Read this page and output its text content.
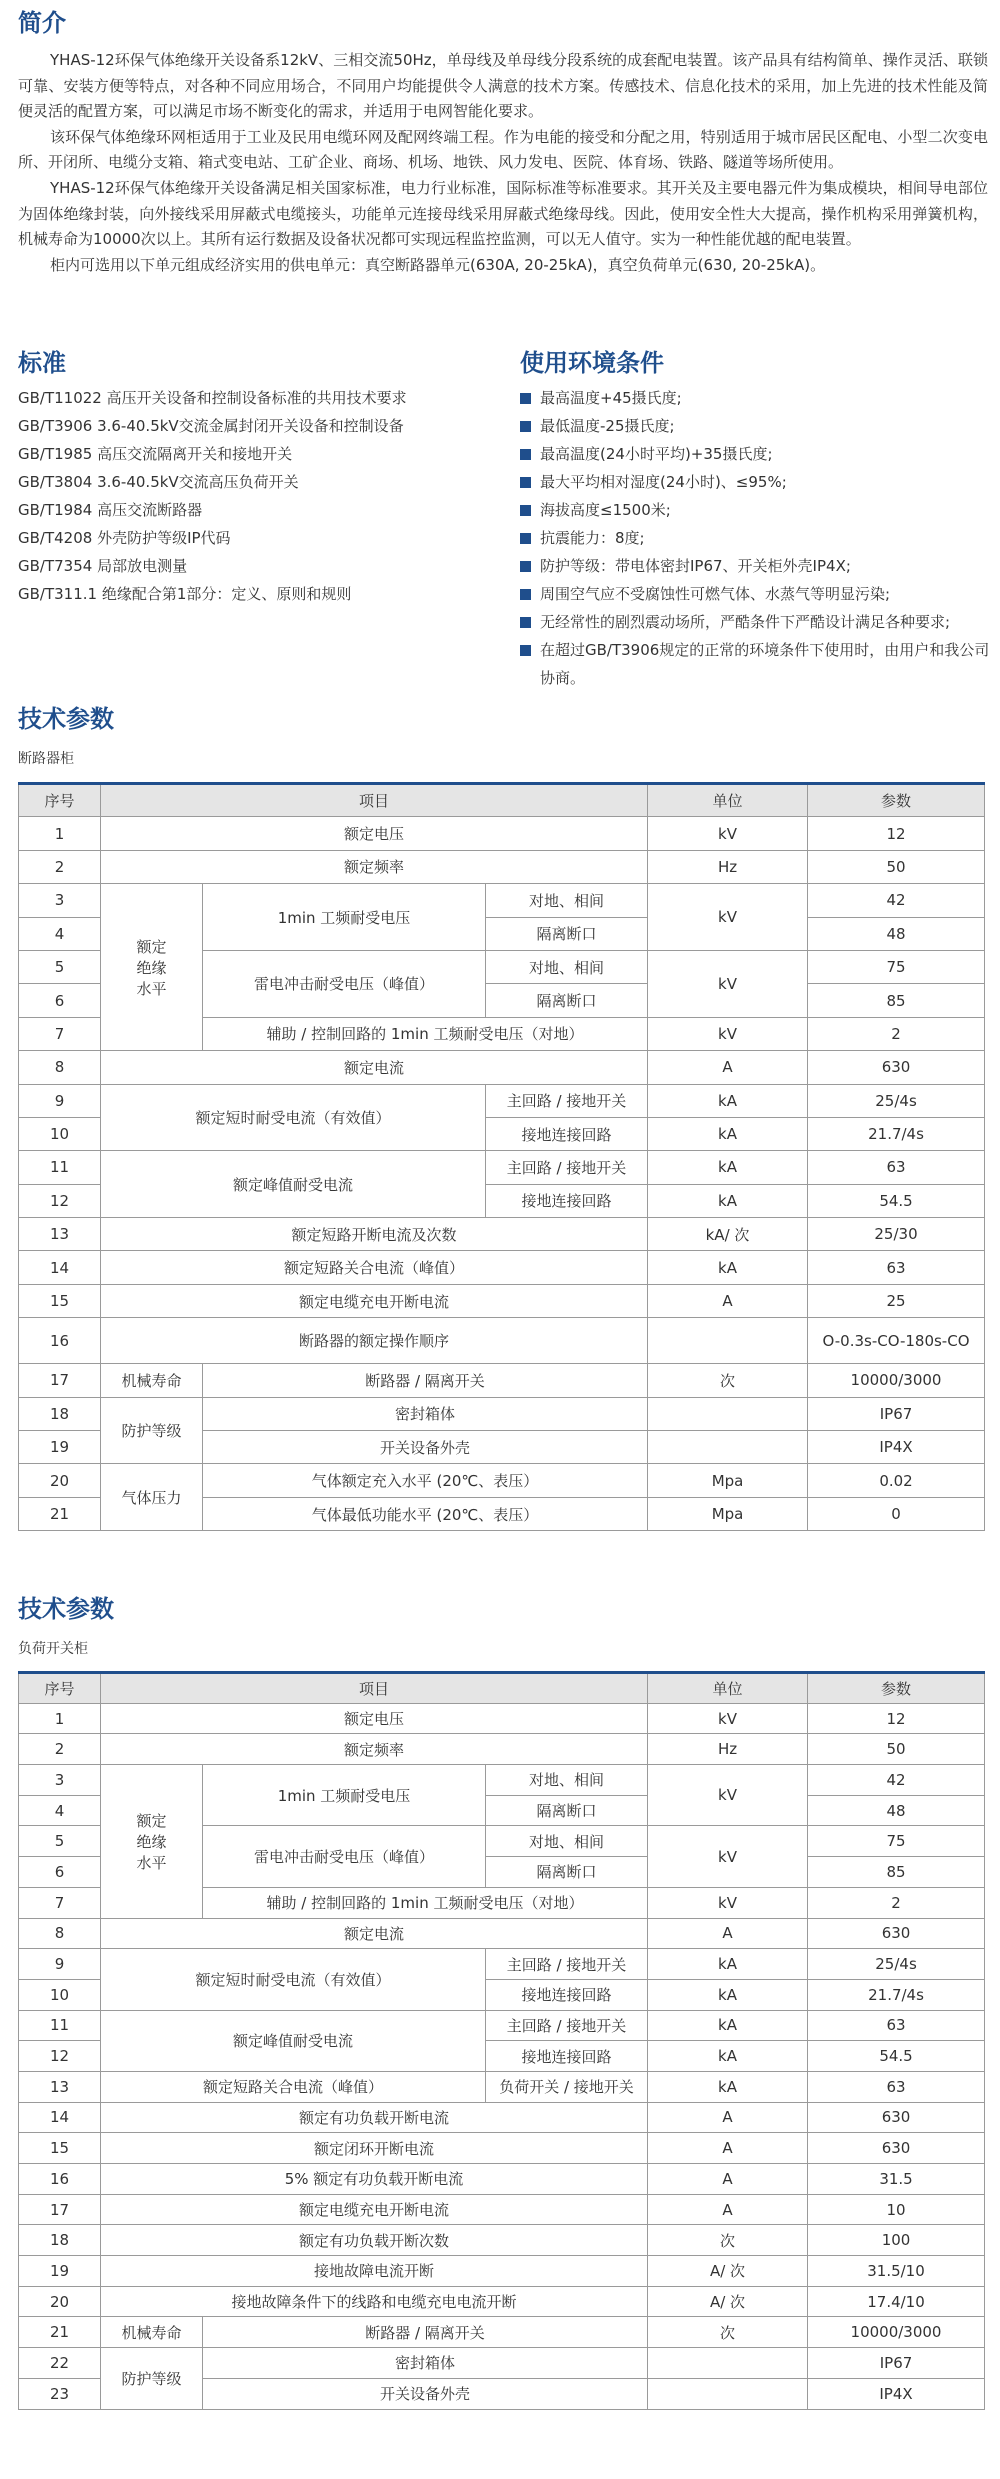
简介

YHAS-12环保气体绝缘开关设备系12kV、三相交流50Hz，单母线及单母线分段系统的成套配电装置。该产品具有结构简单、操作灵活、联锁可靠、安装方便等特点，对各种不同应用场合，不同用户均能提供令人满意的技术方案。传感技术、信息化技术的采用，加上先进的技术性能及简便灵活的配置方案，可以满足市场不断变化的需求，并适用于电网智能化要求。

该环保气体绝缘环网柜适用于工业及民用电缆环网及配网终端工程。作为电能的接受和分配之用，特别适用于城市居民区配电、小型二次变电所、开闭所、电缆分支箱、箱式变电站、工矿企业、商场、机场、地铁、风力发电、医院、体育场、铁路、隧道等场所使用。

YHAS-12环保气体绝缘开关设备满足相关国家标准，电力行业标准，国际标准等标准要求。其开关及主要电器元件为集成模块，相间导电部位为固体绝缘封装，向外接线采用屏蔽式电缆接头，功能单元连接母线采用屏蔽式绝缘母线。因此，使用安全性大大提高，操作机构采用弹簧机构，机械寿命为10000次以上。其所有运行数据及设备状况都可实现远程监控监测，可以无人值守。实为一种性能优越的配电装置。

柜内可选用以下单元组成经济实用的供电单元：真空断路器单元(630A, 20-25kA)，真空负荷单元(630, 20-25kA)。

标准
GB/T11022 高压开关设备和控制设备标准的共用技术要求
GB/T3906 3.6-40.5kV交流金属封闭开关设备和控制设备
GB/T1985 高压交流隔离开关和接地开关
GB/T3804 3.6-40.5kV交流高压负荷开关
GB/T1984 高压交流断路器
GB/T4208 外壳防护等级IP代码
GB/T7354 局部放电测量
GB/T311.1 绝缘配合第1部分：定义、原则和规则
使用环境条件
最高温度+45摄氏度;
最低温度-25摄氏度;
最高温度(24小时平均)+35摄氏度;
最大平均相对湿度(24小时)、≤95%;
海拔高度≤1500米;
抗震能力：8度;
防护等级：带电体密封IP67、开关柜外壳IP4X;
周围空气应不受腐蚀性可燃气体、水蒸气等明显污染;
无经常性的剧烈震动场所，严酷条件下严酷设计满足各种要求;
在超过GB/T3906规定的正常的环境条件下使用时，由用户和我公司协商。
技术参数
断路器柜
序号	项目			单位	参数
1	额定电压			kV	12
2	额定频率			Hz	50
3	额定
绝缘
水平	1min 工频耐受电压	对地、相间	kV	42
4			隔离断口		48
5		雷电冲击耐受电压（峰值）	对地、相间	kV	75
6			隔离断口		85
7		辅助 / 控制回路的 1min 工频耐受电压（对地）		kV	2
8	额定电流			A	630
9	额定短时耐受电流（有效值）		主回路 / 接地开关	kA	25/4s
10			接地连接回路	kA	21.7/4s
11	额定峰值耐受电流		主回路 / 接地开关	kA	63
12			接地连接回路	kA	54.5
13	额定短路开断电流及次数			kA/ 次	25/30
14	额定短路关合电流（峰值）			kA	63
15	额定电缆充电开断电流			A	25
16	断路器的额定操作顺序				O-0.3s-CO-180s-CO
17	机械寿命	断路器 / 隔离开关		次	10000/3000
18	防护等级	密封箱体			IP67
19		开关设备外壳			IP4X
20	气体压力	气体额定充入水平 (20℃、表压）		Mpa	0.02
21		气体最低功能水平 (20℃、表压）		Mpa	0
技术参数
负荷开关柜
序号	项目			单位	参数
1	额定电压			kV	12
2	额定频率			Hz	50
3	额定
绝缘
水平	1min 工频耐受电压	对地、相间	kV	42
4			隔离断口		48
5		雷电冲击耐受电压（峰值）	对地、相间	kV	75
6			隔离断口		85
7		辅助 / 控制回路的 1min 工频耐受电压（对地）		kV	2
8	额定电流			A	630
9	额定短时耐受电流（有效值）		主回路 / 接地开关	kA	25/4s
10			接地连接回路	kA	21.7/4s
11	额定峰值耐受电流		主回路 / 接地开关	kA	63
12			接地连接回路	kA	54.5
13	额定短路关合电流（峰值）		负荷开关 / 接地开关	kA	63
14	额定有功负载开断电流			A	630
15	额定闭环开断电流			A	630
16	5% 额定有功负载开断电流			A	31.5
17	额定电缆充电开断电流			A	10
18	额定有功负载开断次数			次	100
19	接地故障电流开断			A/ 次	31.5/10
20	接地故障条件下的线路和电缆充电电流开断			A/ 次	17.4/10
21	机械寿命	断路器 / 隔离开关		次	10000/3000
22	防护等级	密封箱体			IP67
23		开关设备外壳			IP4X
